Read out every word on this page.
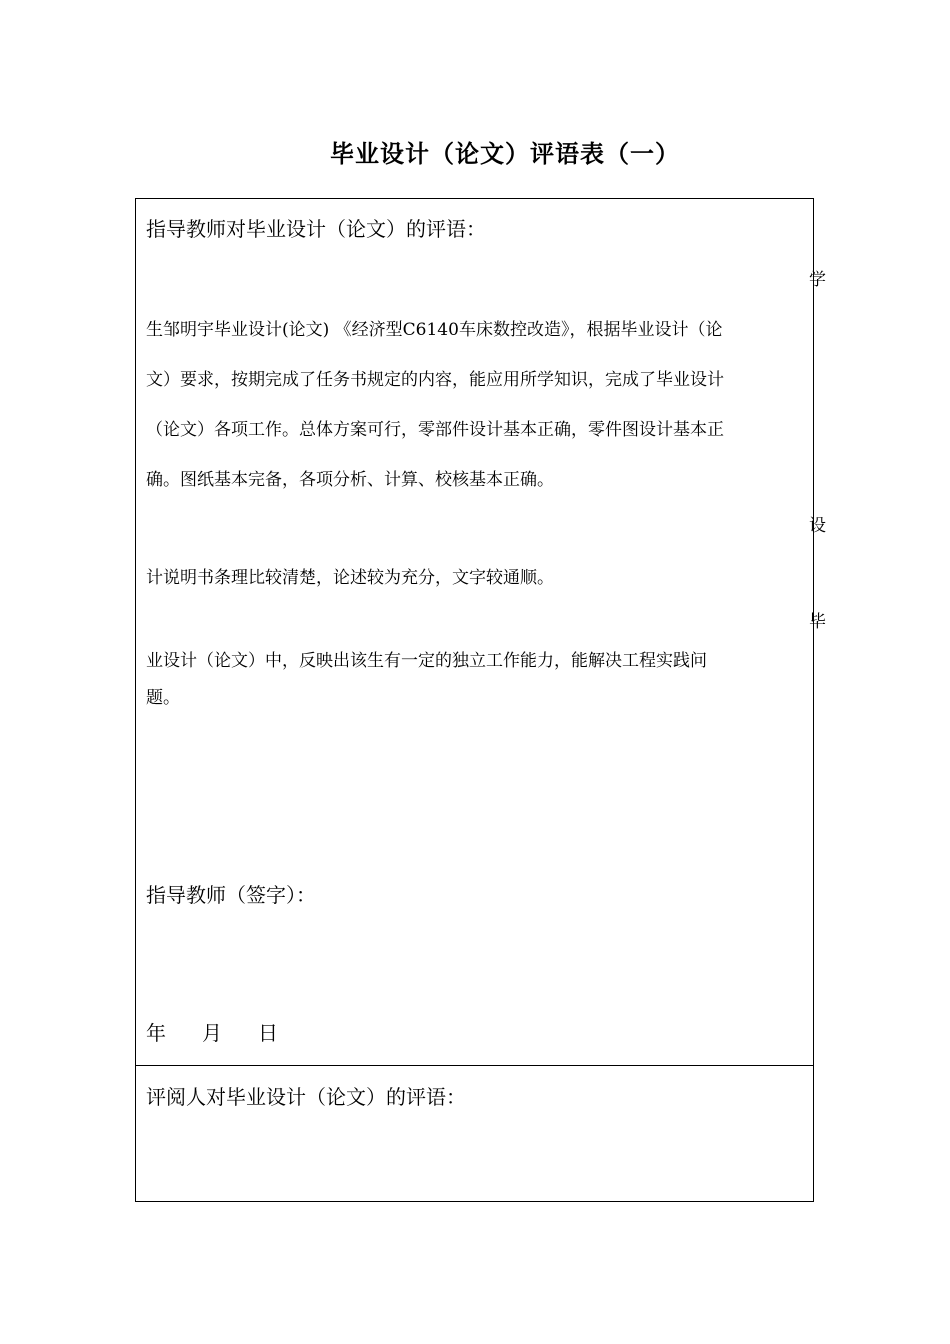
毕业设计（论文）评语表（一）
指导教师对毕业设计（论文）的评语：
学
生邹明宇毕业设计(论文) 《经济型C6140车床数控改造》，根据毕业设计（论
文）要求，按期完成了任务书规定的内容，能应用所学知识，完成了毕业设计
（论文）各项工作。总体方案可行，零部件设计基本正确，零件图设计基本正
确。图纸基本完备，各项分析、计算、校核基本正确。
设
计说明书条理比较清楚，论述较为充分，文字较通顺。
毕
业设计（论文）中，反映出该生有一定的独立工作能力，能解决工程实践问
题。
指导教师（签字）：
年 月 日
评阅人对毕业设计（论文）的评语：
